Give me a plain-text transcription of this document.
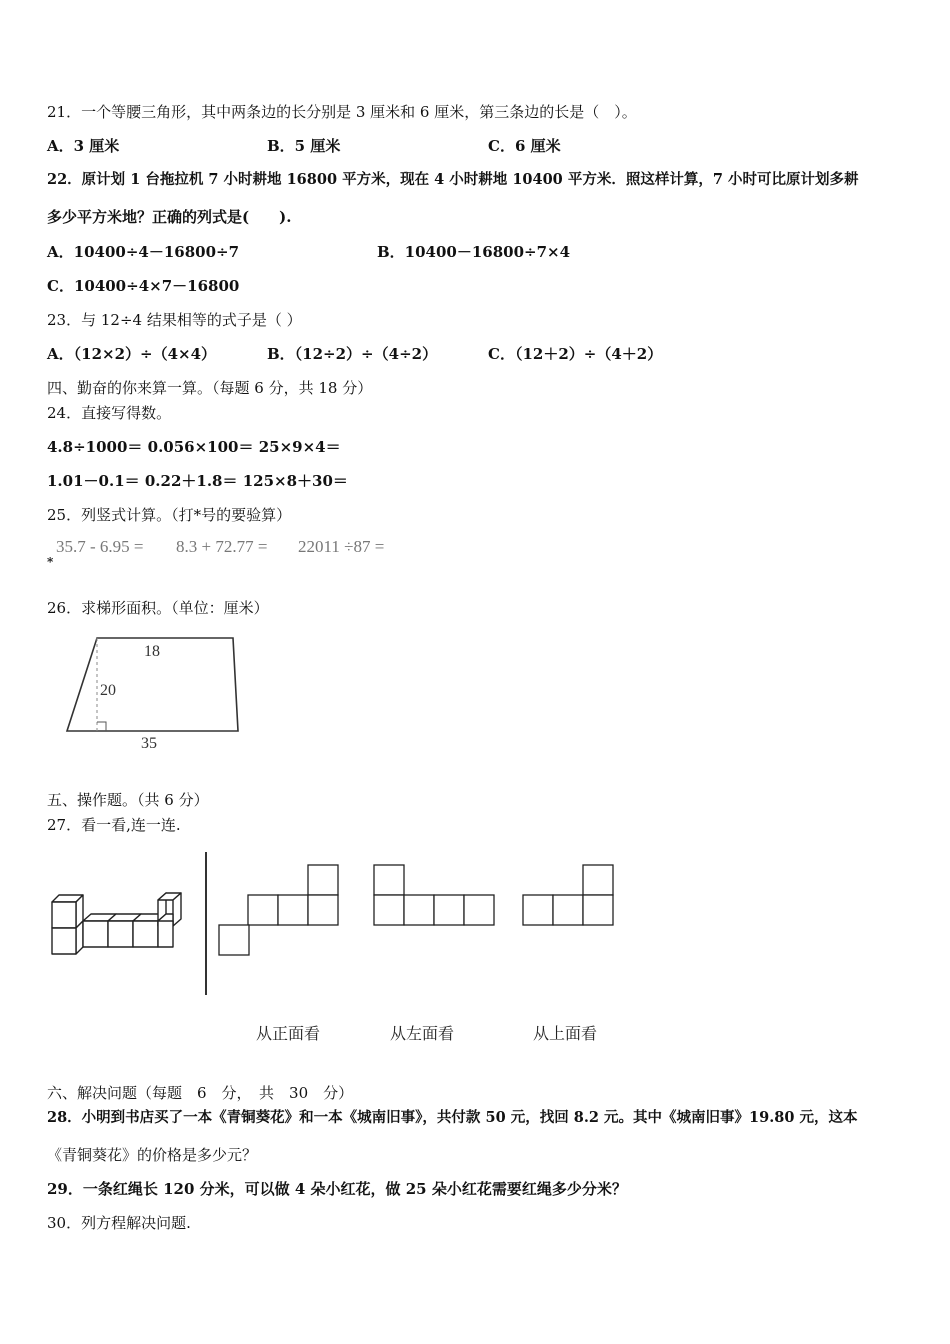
21．一个等腰三角形，其中两条边的长分别是 3 厘米和 6 厘米，第三条边的长是（　）。
A．3 厘米	B．5 厘米	C．6 厘米
22．原计划 1 台拖拉机 7 小时耕地 16800 平方米，现在 4 小时耕地 10400 平方米．照这样计算，7 小时可比原计划多耕
多少平方米地？正确的列式是(　　).
A．10400÷4－16800÷7	B．10400－16800÷7×4
C．10400÷4×7－16800
23．与 12÷4 结果相等的式子是（ ）
A．（12×2）÷（4×4）	B．（12÷2）÷（4÷2）	C．（12＋2）÷（4＋2）
四、勤奋的你来算一算。（每题 6 分，共 18 分）
24．直接写得数。
4.8÷1000＝ 0.056×100＝ 25×9×4＝
1.01－0.1＝ 0.22＋1.8＝ 125×8＋30＝
25．列竖式计算。（打*号的要验算）
35.7 - 6.95 = 8.3 + 72.77 = 22011 ÷87 =
*
26．求梯形面积。（单位：厘米）
18
20
35
五、操作题。（共 6 分）
27．看一看,连一连.
从正面看	从左面看	从上面看
六、解决问题（每题　6　分，　共　30　分）
28．小明到书店买了一本《青铜葵花》和一本《城南旧事》，共付款 50 元，找回 8.2 元。其中《城南旧事》19.80 元，这本
《青铜葵花》的价格是多少元？
29．一条红绳长 120 分米，可以做 4 朵小红花，做 25 朵小红花需要红绳多少分米？
30．列方程解决问题.
